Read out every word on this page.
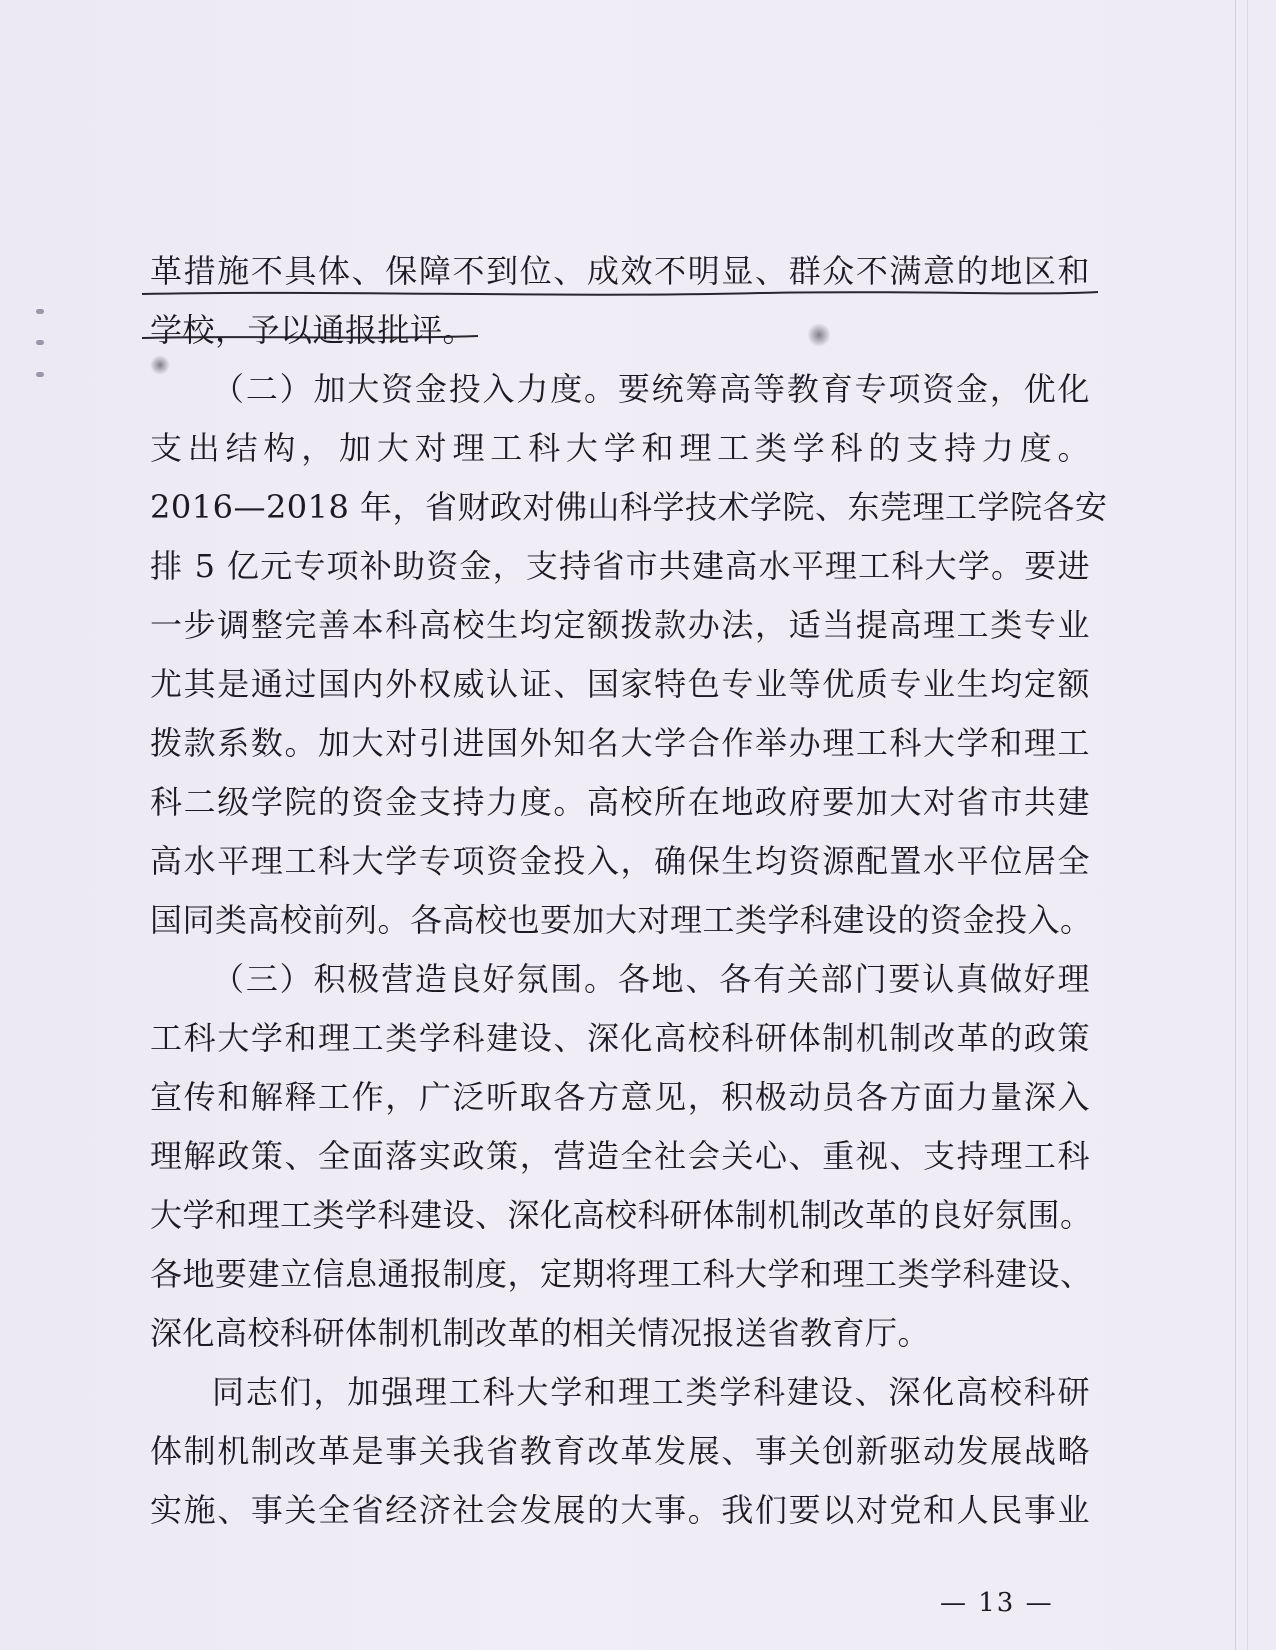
革措施不具体、保障不到位、成效不明显、群众不满意的地区和
学校，予以通报批评。
（二）加大资金投入力度。要统筹高等教育专项资金，优化
支出结构，加大对理工科大学和理工类学科的支持力度。
2016—2018 年，省财政对佛山科学技术学院、东莞理工学院各安
排 5 亿元专项补助资金，支持省市共建高水平理工科大学。要进
一步调整完善本科高校生均定额拨款办法，适当提高理工类专业
尤其是通过国内外权威认证、国家特色专业等优质专业生均定额
拨款系数。加大对引进国外知名大学合作举办理工科大学和理工
科二级学院的资金支持力度。高校所在地政府要加大对省市共建
高水平理工科大学专项资金投入，确保生均资源配置水平位居全
国同类高校前列。各高校也要加大对理工类学科建设的资金投入。
（三）积极营造良好氛围。各地、各有关部门要认真做好理
工科大学和理工类学科建设、深化高校科研体制机制改革的政策
宣传和解释工作，广泛听取各方意见，积极动员各方面力量深入
理解政策、全面落实政策，营造全社会关心、重视、支持理工科
大学和理工类学科建设、深化高校科研体制机制改革的良好氛围。
各地要建立信息通报制度，定期将理工科大学和理工类学科建设、
深化高校科研体制机制改革的相关情况报送省教育厅。
同志们，加强理工科大学和理工类学科建设、深化高校科研
体制机制改革是事关我省教育改革发展、事关创新驱动发展战略
实施、事关全省经济社会发展的大事。我们要以对党和人民事业
— 13 —
